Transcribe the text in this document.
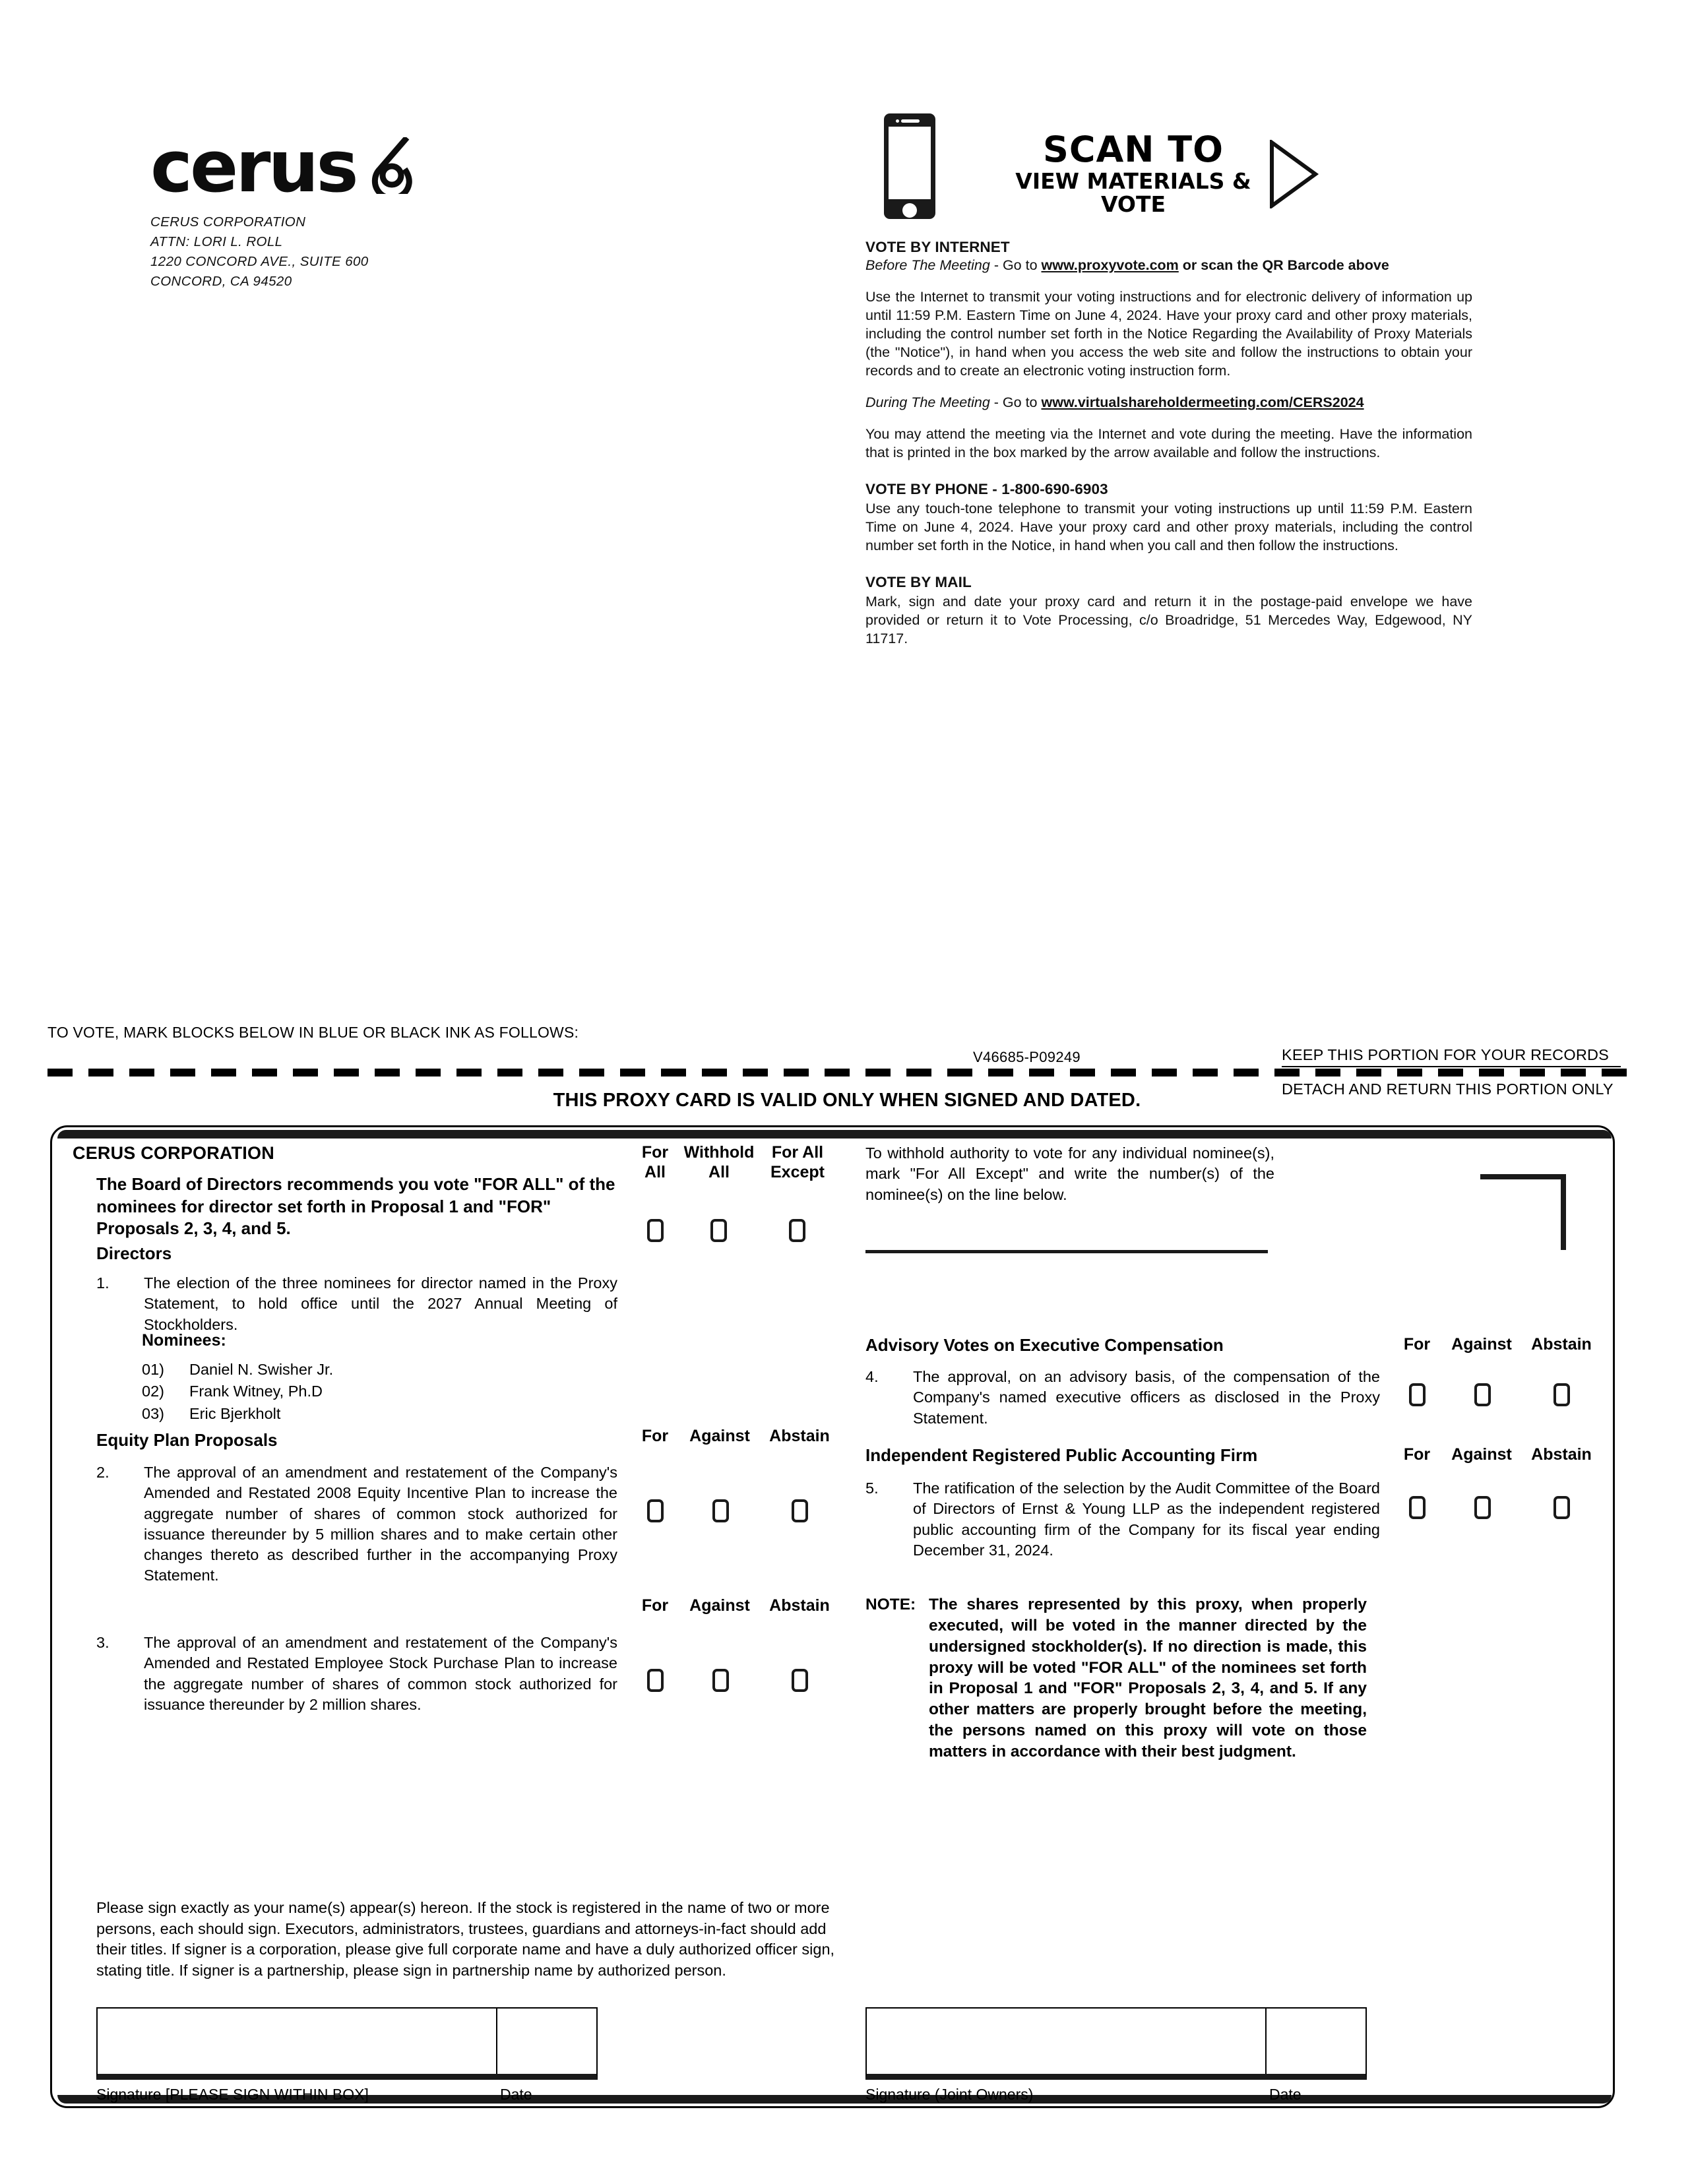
cerus
CERUS CORPORATION
ATTN: LORI L. ROLL
1220 CONCORD AVE., SUITE 600
CONCORD, CA 94520
SCAN TO
VIEW MATERIALS & VOTE
VOTE BY INTERNET
Before The Meeting - Go to www.proxyvote.com or scan the QR Barcode above
Use the Internet to transmit your voting instructions and for electronic delivery of information up until 11:59 P.M. Eastern Time on June 4, 2024. Have your proxy card and other proxy materials, including the control number set forth in the Notice Regarding the Availability of Proxy Materials (the "Notice"), in hand when you access the web site and follow the instructions to obtain your records and to create an electronic voting instruction form.
During The Meeting - Go to www.virtualshareholdermeeting.com/CERS2024
You may attend the meeting via the Internet and vote during the meeting. Have the information that is printed in the box marked by the arrow available and follow the instructions.
VOTE BY PHONE - 1-800-690-6903
Use any touch-tone telephone to transmit your voting instructions up until 11:59 P.M. Eastern Time on June 4, 2024. Have your proxy card and other proxy materials, including the control number set forth in the Notice, in hand when you call and then follow the instructions.
VOTE BY MAIL
Mark, sign and date your proxy card and return it in the postage-paid envelope we have provided or return it to Vote Processing, c/o Broadridge, 51 Mercedes Way, Edgewood, NY 11717.
TO VOTE, MARK BLOCKS BELOW IN BLUE OR BLACK INK AS FOLLOWS:
V46685-P09249	KEEP THIS PORTION FOR YOUR RECORDS
DETACH AND RETURN THIS PORTION ONLY
THIS PROXY CARD IS VALID ONLY WHEN SIGNED AND DATED.
CERUS CORPORATION
The Board of Directors recommends you vote "FOR ALL" of the nominees for director set forth in Proposal 1 and "FOR" Proposals 2, 3, 4, and 5.
Directors
1.	The election of the three nominees for director named in the Proxy Statement, to hold office until the 2027 Annual Meeting of Stockholders.
Nominees:
01)	Daniel N. Swisher Jr.
02)	Frank Witney, Ph.D
03)	Eric Bjerkholt
Equity Plan Proposals
2.	The approval of an amendment and restatement of the Company's Amended and Restated 2008 Equity Incentive Plan to increase the aggregate number of shares of common stock authorized for issuance thereunder by 5 million shares and to make certain other changes thereto as described further in the accompanying Proxy Statement.
3.	The approval of an amendment and restatement of the Company's Amended and Restated Employee Stock Purchase Plan to increase the aggregate number of shares of common stock authorized for issuance thereunder by 2 million shares.
For
All
Withhold
All
For All
Except
For	Against	Abstain
For	Against	Abstain
To withhold authority to vote for any individual nominee(s), mark "For All Except" and write the number(s) of the nominee(s) on the line below.
Advisory Votes on Executive Compensation
4.	The approval, on an advisory basis, of the compensation of the Company's named executive officers as disclosed in the Proxy Statement.
Independent Registered Public Accounting Firm
5.	The ratification of the selection by the Audit Committee of the Board of Directors of Ernst & Young LLP as the independent registered public accounting firm of the Company for its fiscal year ending December 31, 2024.
NOTE: The shares represented by this proxy, when properly executed, will be voted in the manner directed by the undersigned stockholder(s). If no direction is made, this proxy will be voted "FOR ALL" of the nominees set forth in Proposal 1 and "FOR" Proposals 2, 3, 4, and 5. If any other matters are properly brought before the meeting, the persons named on this proxy will vote on those matters in accordance with their best judgment.
For	Against	Abstain
For	Against	Abstain
Please sign exactly as your name(s) appear(s) hereon. If the stock is registered in the name of two or more persons, each should sign. Executors, administrators, trustees, guardians and attorneys-in-fact should add their titles. If signer is a corporation, please give full corporate name and have a duly authorized officer sign, stating title. If signer is a partnership, please sign in partnership name by authorized person.
Signature [PLEASE SIGN WITHIN BOX]	Date	Signature (Joint Owners)	Date
